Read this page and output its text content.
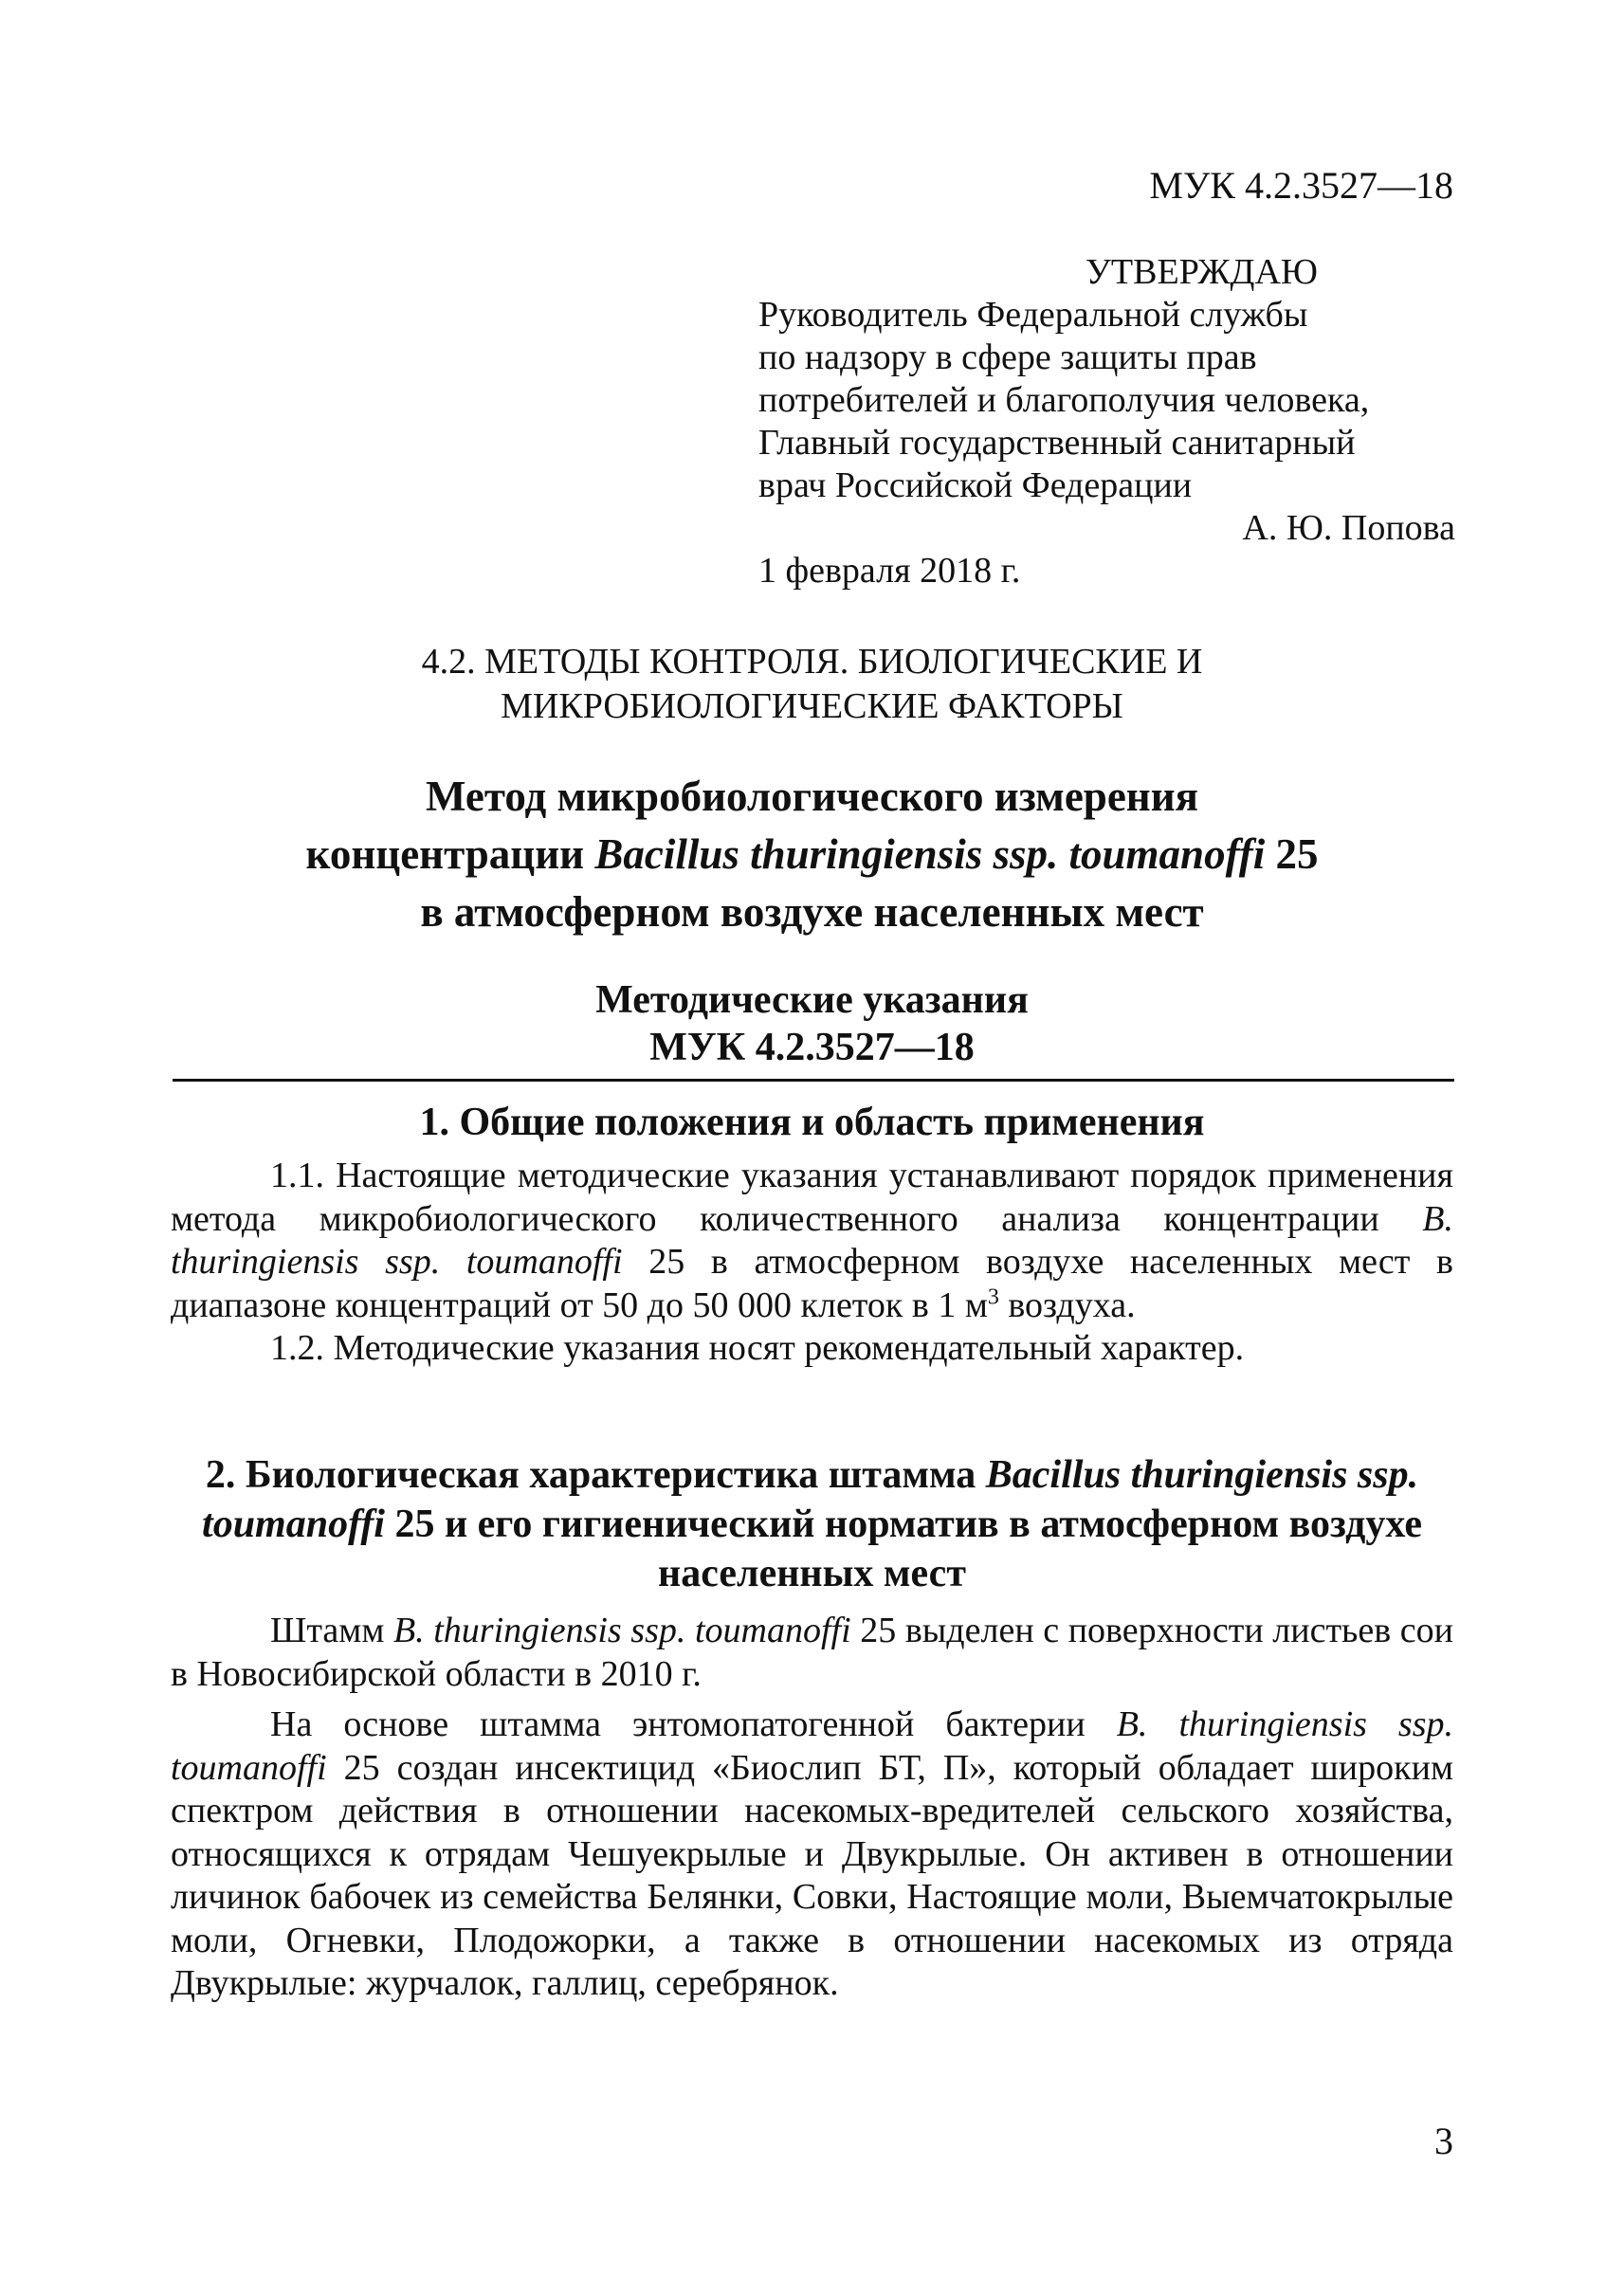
МУК 4.2.3527—18
УТВЕРЖДАЮ
Руководитель Федеральной службы
по надзору в сфере защиты прав
потребителей и благополучия человека,
Главный государственный санитарный
врач Российской Федерации
А. Ю. Попова
1 февраля 2018 г.
4.2. МЕТОДЫ КОНТРОЛЯ. БИОЛОГИЧЕСКИЕ И
МИКРОБИОЛОГИЧЕСКИЕ ФАКТОРЫ
Метод микробиологического измерения
концентрации Bacillus thuringiensis ssp. toumanoffi 25
в атмосферном воздухе населенных мест
Методические указания
МУК 4.2.3527—18
1. Общие положения и область применения

1.1. Настоящие методические указания устанавливают порядок применения метода микробиологического количественного анализа концентрации B. thuringiensis ssp. toumanoffi 25 в атмосферном воздухе населенных мест в диапазоне концентраций от 50 до 50 000 клеток в 1 $м^3$ воздуха.

1.2. Методические указания носят рекомендательный характер.

2. Биологическая характеристика штамма Bacillus thuringiensis ssp. toumanoffi 25 и его гигиенический норматив в атмосферном воздухе населенных мест

Штамм B. thuringiensis ssp. toumanoffi 25 выделен с поверхности листьев сои в Новосибирской области в 2010 г.

На основе штамма энтомопатогенной бактерии B. thuringiensis ssp. toumanoffi 25 создан инсектицид «Биослип БТ, П», который обладает широким спектром действия в отношении насекомых-вредителей сельского хозяйства, относящихся к отрядам Чешуекрылые и Двукрылые. Он активен в отношении личинок бабочек из семейства Белянки, Совки, Настоящие моли, Выемчатокрылые моли, Огневки, Плодожорки, а также в отношении насекомых из отряда Двукрылые: журчалок, галлиц, серебрянок.

3
